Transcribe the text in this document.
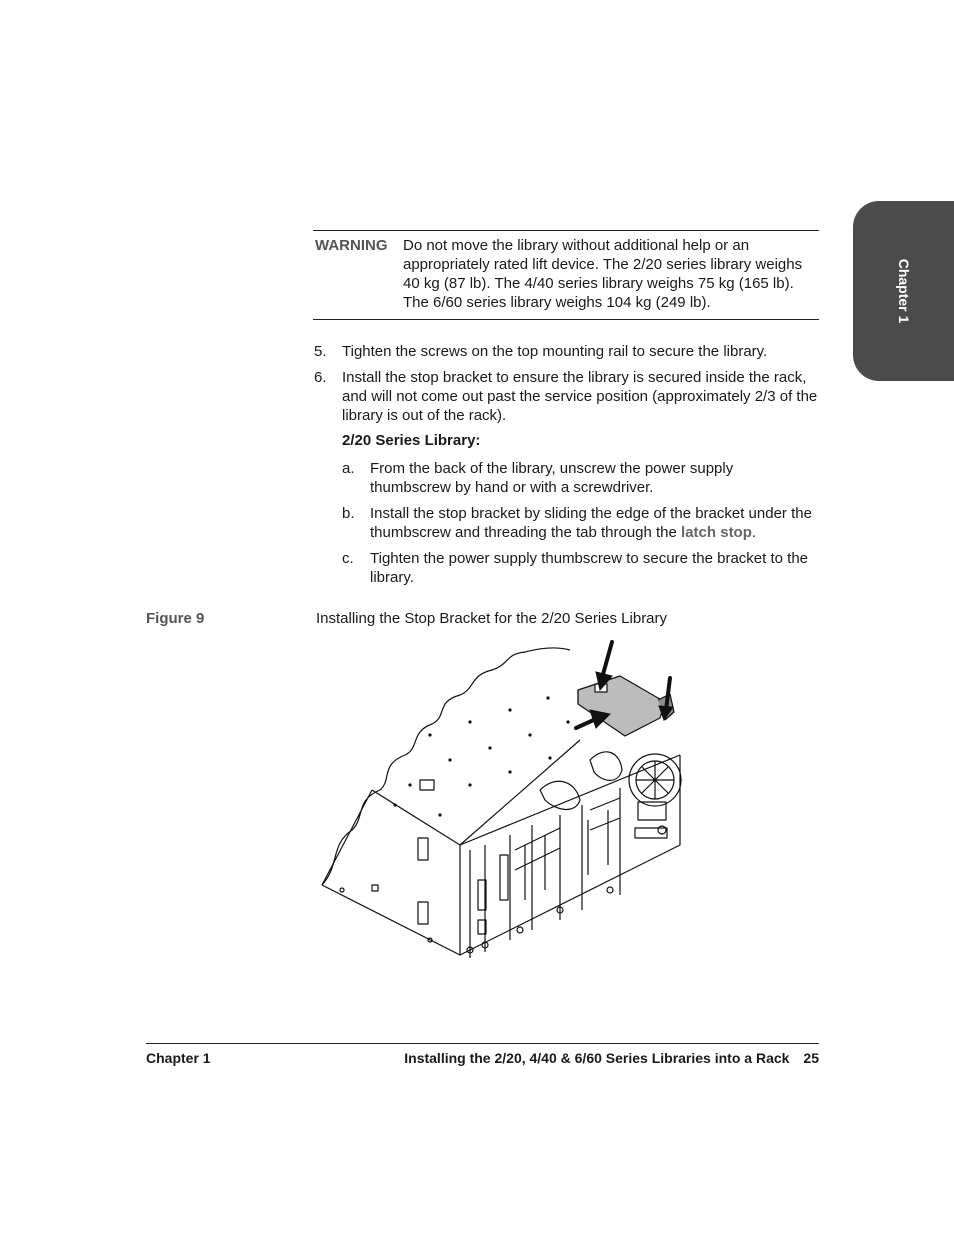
Chapter 1
WARNING Do not move the library without additional help or an appropriately rated lift device. The 2/20 series library weighs 40 kg (87 lb). The 4/40 series library weighs 75 kg (165 lb). The 6/60 series library weighs 104 kg (249 lb).
5. Tighten the screws on the top mounting rail to secure the library.
6. Install the stop bracket to ensure the library is secured inside the rack, and will not come out past the service position (approximately 2/3 of the library is out of the rack).
2/20 Series Library:
a. From the back of the library, unscrew the power supply thumbscrew by hand or with a screwdriver.
b. Install the stop bracket by sliding the edge of the bracket under the thumbscrew and threading the tab through the latch stop.
c. Tighten the power supply thumbscrew to secure the bracket to the library.
Figure 9	Installing the Stop Bracket for the 2/20 Series Library
Chapter 1	Installing the 2/20, 4/40 & 6/60 Series Libraries into a Rack 25
